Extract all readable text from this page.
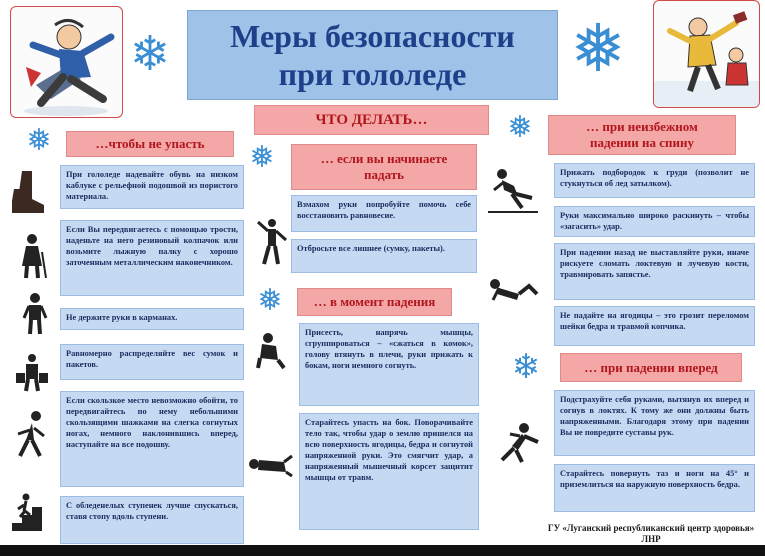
Меры безопасности
при гололеде
❄	❅
❅
❅
❅
❅
❄
ЧТО ДЕЛАТЬ…
…чтобы не упасть
… если вы начинаете падать
… в момент падения
… при неизбежном падении на спину
… при падении вперед
При гололеде надевайте обувь на низком каблуке с рельефной подошвой из пористого материала.
Если Вы передвигаетесь с помощью трости, наденьте на него резиновый колпачок или возьмите лыжную палку с хорошо заточенным металлическим наконечником.
Не держите руки в карманах.
Равномерно распределяйте вес сумок и пакетов.
Если скользкое место невозможно обойти, то передвигайтесь по нему небольшими скользящими шажками на слегка согнутых ногах, немного наклонившись вперед, наступайте на все подошву.
С обледенелых ступенек лучше спускаться, ставя стопу вдоль ступени.
Взмахом руки попробуйте помочь себе восстановить равновесие.
Отбросьте все лишнее (сумку, пакеты).
Присесть, напрячь мышцы, сгруппироваться – «сжаться в комок», голову втянуть в плечи, руки прижать к бокам, ноги немного согнуть.
Старайтесь упасть на бок. Поворачивайте тело так, чтобы удар о землю пришелся на всю поверхность ягодицы, бедра и согнутой напряженной руки. Это смягчит удар, а напряженный мышечный корсет защитит мышцы от травм.
Прижать подбородок к груди (позволит не стукнуться об лед затылком).
Руки максимально широко раскинуть – чтобы «загасить» удар.
При падении назад не выставляйте руки, иначе рискуете сломать локтевую и лучевую кости, травмировать запястье.
Не падайте на ягодицы – это грозит переломом шейки бедра и травмой копчика.
Подстрахуйте себя руками, вытянув их вперед и согнув в локтях. К тому же они должны быть напряженными. Благодаря этому при падении Вы не повредите суставы рук.
Старайтесь повернуть таз и ноги на 45° и приземлиться на наружную поверхность бедра.
ГУ «Луганский республиканский центр здоровья» ЛНР
